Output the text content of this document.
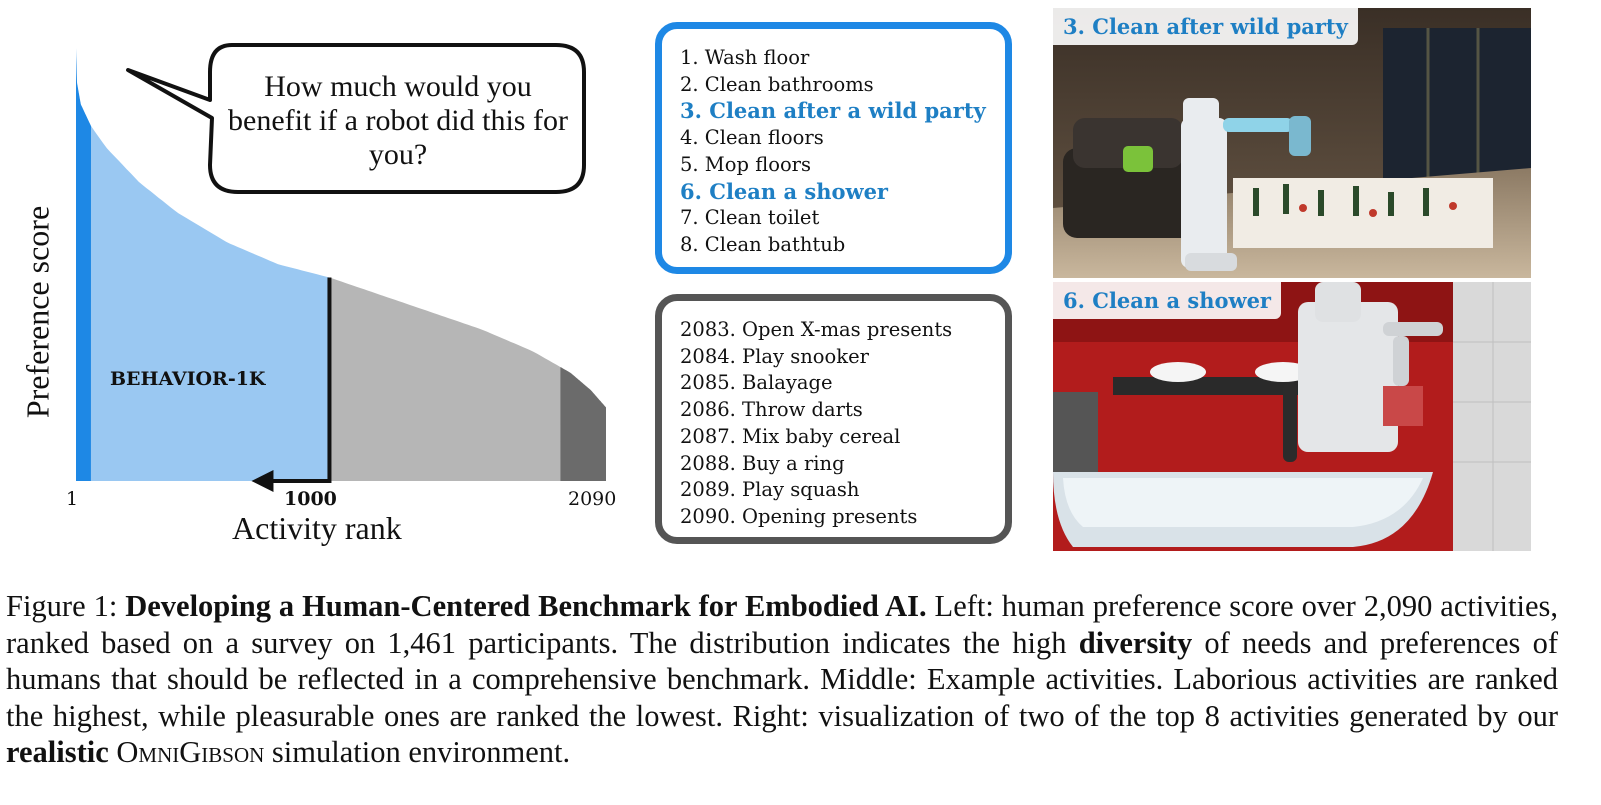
Preference score
Activity rank
1	1000	2090
BEHAVIOR-1K
How much would you benefit if a robot did this for you?
1. Wash floor
2. Clean bathrooms
3. Clean after a wild party
4. Clean floors
5. Mop floors
6. Clean a shower
7. Clean toilet
8. Clean bathtub
2083. Open X-mas presents
2084. Play snooker
2085. Balayage
2086. Throw darts
2087. Mix baby cereal
2088. Buy a ring
2089. Play squash
2090. Opening presents
3. Clean after wild party
6. Clean a shower
Figure 1: Developing a Human-Centered Benchmark for Embodied AI. Left: human preference score over 2,090 activities, ranked based on a survey on 1,461 participants. The distribution indicates the high diversity of needs and preferences of humans that should be reflected in a comprehensive benchmark. Middle: Example activities. Laborious activities are ranked the highest, while pleasurable ones are ranked the lowest. Right: visualization of two of the top 8 activities generated by our realistic OmniGibson simulation environment.
